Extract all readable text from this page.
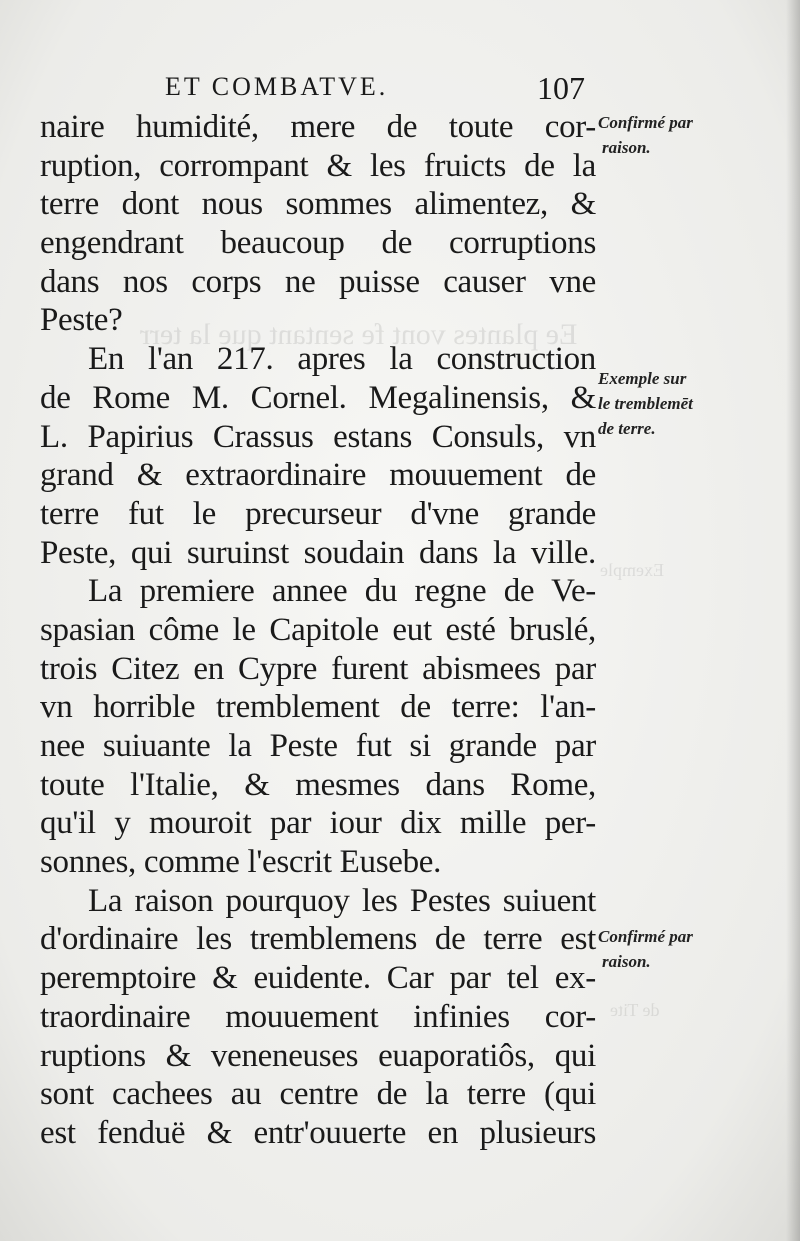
Ee plantes vont fe sentant que la terr
Exemple
de Tite
ET COMBATVE.	107
naire humidité, mere de toute cor-
ruption, corrompant & les fruicts de la
terre dont nous sommes alimentez, &
engendrant beaucoup de corruptions
dans nos corps ne puisse causer vne
Peste?
En l'an 217. apres la construction
de Rome M. Cornel. Megalinensis, &
L. Papirius Crassus estans Consuls, vn
grand & extraordinaire mouuement de
terre fut le precurseur d'vne grande
Peste, qui suruinst soudain dans la ville.
La premiere annee du regne de Ve-
spasian côme le Capitole eut esté bruslé,
trois Citez en Cypre furent abismees par
vn horrible tremblement de terre: l'an-
nee suiuante la Peste fut si grande par
toute l'Italie, & mesmes dans Rome,
qu'il y mouroit par iour dix mille per-
sonnes, comme l'escrit Eusebe.
La raison pourquoy les Pestes suiuent
d'ordinaire les tremblemens de terre est
peremptoire & euidente. Car par tel ex-
traordinaire mouuement infinies cor-
ruptions & veneneuses euaporatiôs, qui
sont cachees au centre de la terre (qui
est fenduë & entr'ouuerte en plusieurs
Confirmé par
raison.
Exemple sur
le tremblemēt
de terre.
Confirmé par
raison.
